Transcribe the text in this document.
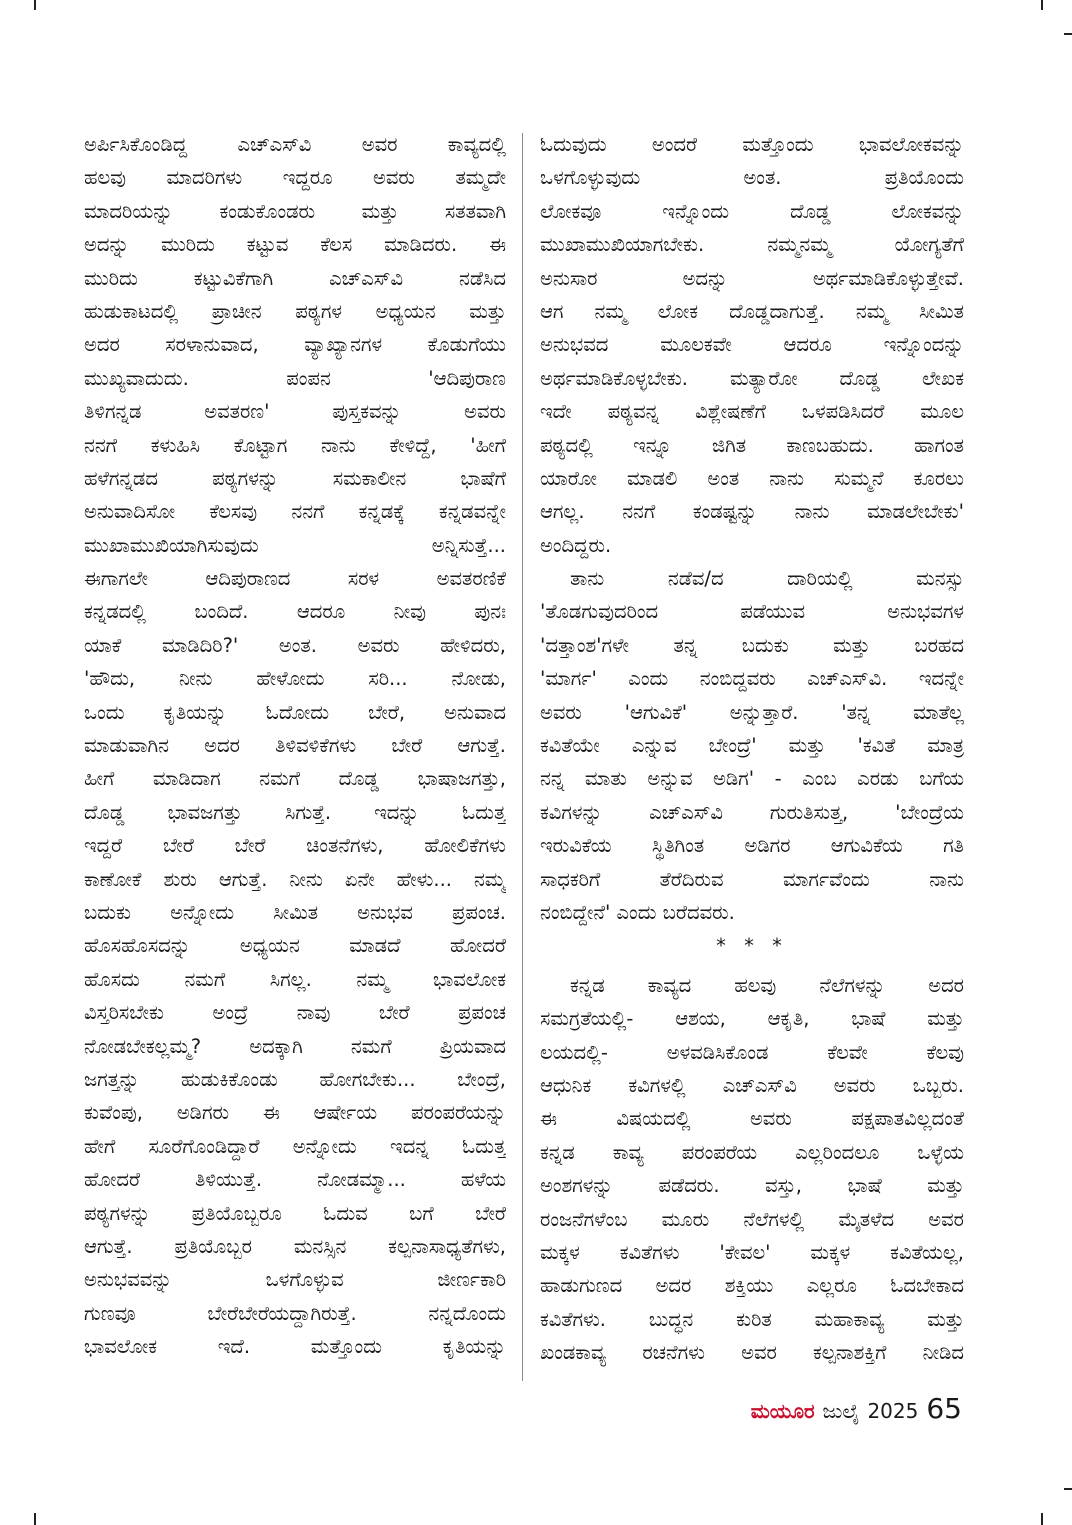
ಅರ್ಪಿಸಿಕೊಂಡಿದ್ದ ಎಚ್‌ಎಸ್‌ವಿ ಅವರ ಕಾವ್ಯದಲ್ಲಿ
ಹಲವು ಮಾದರಿಗಳು ಇದ್ದರೂ ಅವರು ತಮ್ಮದೇ
ಮಾದರಿಯನ್ನು ಕಂಡುಕೊಂಡರು ಮತ್ತು ಸತತವಾಗಿ
ಅದನ್ನು ಮುರಿದು ಕಟ್ಟುವ ಕೆಲಸ ಮಾಡಿದರು. ಈ
ಮುರಿದು ಕಟ್ಟುವಿಕೆಗಾಗಿ ಎಚ್‌ಎಸ್‌ವಿ ನಡೆಸಿದ
ಹುಡುಕಾಟದಲ್ಲಿ ಪ್ರಾಚೀನ ಪಠ್ಯಗಳ ಅಧ್ಯಯನ ಮತ್ತು
ಅದರ ಸರಳಾನುವಾದ, ವ್ಯಾಖ್ಯಾನಗಳ ಕೊಡುಗೆಯು
ಮುಖ್ಯವಾದುದು. ಪಂಪನ 'ಆದಿಪುರಾಣ
ತಿಳಿಗನ್ನಡ ಅವತರಣ' ಪುಸ್ತಕವನ್ನು ಅವರು
ನನಗೆ ಕಳುಹಿಸಿ ಕೊಟ್ಟಾಗ ನಾನು ಕೇಳಿದ್ದೆ, 'ಹೀಗೆ
ಹಳೆಗನ್ನಡದ ಪಠ್ಯಗಳನ್ನು ಸಮಕಾಲೀನ ಭಾಷೆಗೆ
ಅನುವಾದಿಸೋ ಕೆಲಸವು ನನಗೆ ಕನ್ನಡಕ್ಕೆ ಕನ್ನಡವನ್ನೇ
ಮುಖಾಮುಖಿಯಾಗಿಸುವುದು ಅನ್ನಿಸುತ್ತೆ...
ಈಗಾಗಲೇ ಆದಿಪುರಾಣದ ಸರಳ ಅವತರಣಿಕೆ
ಕನ್ನಡದಲ್ಲಿ ಬಂದಿದೆ. ಆದರೂ ನೀವು ಪುನಃ
ಯಾಕೆ ಮಾಡಿದಿರಿ?' ಅಂತ. ಅವರು ಹೇಳಿದರು,
'ಹೌದು, ನೀನು ಹೇಳೋದು ಸರಿ... ನೋಡು,
ಒಂದು ಕೃತಿಯನ್ನು ಓದೋದು ಬೇರೆ, ಅನುವಾದ
ಮಾಡುವಾಗಿನ ಅದರ ತಿಳಿವಳಿಕೆಗಳು ಬೇರೆ ಆಗುತ್ತೆ.
ಹೀಗೆ ಮಾಡಿದಾಗ ನಮಗೆ ದೊಡ್ಡ ಭಾಷಾಜಗತ್ತು,
ದೊಡ್ಡ ಭಾವಜಗತ್ತು ಸಿಗುತ್ತೆ. ಇದನ್ನು ಓದುತ್ತ
ಇದ್ದರೆ ಬೇರೆ ಬೇರೆ ಚಿಂತನೆಗಳು, ಹೋಲಿಕೆಗಳು
ಕಾಣೋಕೆ ಶುರು ಆಗುತ್ತೆ. ನೀನು ಏನೇ ಹೇಳು... ನಮ್ಮ
ಬದುಕು ಅನ್ನೋದು ಸೀಮಿತ ಅನುಭವ ಪ್ರಪಂಚ.
ಹೊಸಹೊಸದನ್ನು ಅಧ್ಯಯನ ಮಾಡದೆ ಹೋದರೆ
ಹೊಸದು ನಮಗೆ ಸಿಗಲ್ಲ. ನಮ್ಮ ಭಾವಲೋಕ
ವಿಸ್ತರಿಸಬೇಕು ಅಂದ್ರೆ ನಾವು ಬೇರೆ ಪ್ರಪಂಚ
ನೋಡಬೇಕಲ್ಲಮ್ಮ? ಅದಕ್ಕಾಗಿ ನಮಗೆ ಪ್ರಿಯವಾದ
ಜಗತ್ತನ್ನು ಹುಡುಕಿಕೊಂಡು ಹೋಗಬೇಕು... ಬೇಂದ್ರೆ,
ಕುವೆಂಪು, ಅಡಿಗರು ಈ ಆರ್ಷೇಯ ಪರಂಪರೆಯನ್ನು
ಹೇಗೆ ಸೂರೆಗೊಂಡಿದ್ದಾರೆ ಅನ್ನೋದು ಇದನ್ನ ಓದುತ್ತ
ಹೋದರೆ ತಿಳಿಯುತ್ತೆ. ನೋಡಮ್ಮಾ... ಹಳೆಯ
ಪಠ್ಯಗಳನ್ನು ಪ್ರತಿಯೊಬ್ಬರೂ ಓದುವ ಬಗೆ ಬೇರೆ
ಆಗುತ್ತೆ. ಪ್ರತಿಯೊಬ್ಬರ ಮನಸ್ಸಿನ ಕಲ್ಪನಾಸಾಧ್ಯತೆಗಳು,
ಅನುಭವವನ್ನು ಒಳಗೊಳ್ಳುವ ಜೀರ್ಣಕಾರಿ
ಗುಣವೂ ಬೇರೆಬೇರೆಯದ್ದಾಗಿರುತ್ತೆ. ನನ್ನದೊಂದು
ಭಾವಲೋಕ ಇದೆ. ಮತ್ತೊಂದು ಕೃತಿಯನ್ನು
ಓದುವುದು ಅಂದರೆ ಮತ್ತೊಂದು ಭಾವಲೋಕವನ್ನು
ಒಳಗೊಳ್ಳುವುದು ಅಂತ. ಪ್ರತಿಯೊಂದು
ಲೋಕವೂ ಇನ್ನೊಂದು ದೊಡ್ಡ ಲೋಕವನ್ನು
ಮುಖಾಮುಖಿಯಾಗಬೇಕು. ನಮ್ಮನಮ್ಮ ಯೋಗ್ಯತೆಗೆ
ಅನುಸಾರ ಅದನ್ನು ಅರ್ಥಮಾಡಿಕೊಳ್ಳುತ್ತೇವೆ.
ಆಗ ನಮ್ಮ ಲೋಕ ದೊಡ್ಡದಾಗುತ್ತೆ. ನಮ್ಮ ಸೀಮಿತ
ಅನುಭವದ ಮೂಲಕವೇ ಆದರೂ ಇನ್ನೊಂದನ್ನು
ಅರ್ಥಮಾಡಿಕೊಳ್ಳಬೇಕು. ಮತ್ಯಾರೋ ದೊಡ್ಡ ಲೇಖಕ
ಇದೇ ಪಠ್ಯವನ್ನ ವಿಶ್ಲೇಷಣೆಗೆ ಒಳಪಡಿಸಿದರೆ ಮೂಲ
ಪಠ್ಯದಲ್ಲಿ ಇನ್ನೂ ಜಿಗಿತ ಕಾಣಬಹುದು. ಹಾಗಂತ
ಯಾರೋ ಮಾಡಲಿ ಅಂತ ನಾನು ಸುಮ್ಮನೆ ಕೂರಲು
ಆಗಲ್ಲ. ನನಗೆ ಕಂಡಷ್ಟನ್ನು ನಾನು ಮಾಡಲೇಬೇಕು'
ಅಂದಿದ್ದರು.
ತಾನು ನಡೆವ/ದ ದಾರಿಯಲ್ಲಿ ಮನಸ್ಸು
'ತೊಡಗುವುದರಿಂದ ಪಡೆಯುವ ಅನುಭವಗಳ
'ದತ್ತಾಂಶ'ಗಳೇ ತನ್ನ ಬದುಕು ಮತ್ತು ಬರಹದ
'ಮಾರ್ಗ' ಎಂದು ನಂಬಿದ್ದವರು ಎಚ್‌ಎಸ್‌ವಿ. ಇದನ್ನೇ
ಅವರು 'ಆಗುವಿಕೆ' ಅನ್ನುತ್ತಾರೆ. 'ತನ್ನ ಮಾತೆಲ್ಲ
ಕವಿತೆಯೇ ಎನ್ನುವ ಬೇಂದ್ರೆ' ಮತ್ತು 'ಕವಿತೆ ಮಾತ್ರ
ನನ್ನ ಮಾತು ಅನ್ನುವ ಅಡಿಗ' - ಎಂಬ ಎರಡು ಬಗೆಯ
ಕವಿಗಳನ್ನು ಎಚ್‌ಎಸ್‌ವಿ ಗುರುತಿಸುತ್ತ, 'ಬೇಂದ್ರೆಯ
ಇರುವಿಕೆಯ ಸ್ಥಿತಿಗಿಂತ ಅಡಿಗರ ಆಗುವಿಕೆಯ ಗತಿ
ಸಾಧಕರಿಗೆ ತೆರೆದಿರುವ ಮಾರ್ಗವೆಂದು ನಾನು
ನಂಬಿದ್ದೇನೆ' ಎಂದು ಬರೆದವರು.
* * *
ಕನ್ನಡ ಕಾವ್ಯದ ಹಲವು ನೆಲೆಗಳನ್ನು ಅದರ
ಸಮಗ್ರತೆಯಲ್ಲಿ- ಆಶಯ, ಆಕೃತಿ, ಭಾಷೆ ಮತ್ತು
ಲಯದಲ್ಲಿ- ಅಳವಡಿಸಿಕೊಂಡ ಕೆಲವೇ ಕೆಲವು
ಆಧುನಿಕ ಕವಿಗಳಲ್ಲಿ ಎಚ್‌ಎಸ್‌ವಿ ಅವರು ಒಬ್ಬರು.
ಈ ವಿಷಯದಲ್ಲಿ ಅವರು ಪಕ್ಷಪಾತವಿಲ್ಲದಂತೆ
ಕನ್ನಡ ಕಾವ್ಯ ಪರಂಪರೆಯ ಎಲ್ಲರಿಂದಲೂ ಒಳ್ಳೆಯ
ಅಂಶಗಳನ್ನು ಪಡೆದರು. ವಸ್ತು, ಭಾಷೆ ಮತ್ತು
ರಂಜನೆಗಳೆಂಬ ಮೂರು ನೆಲೆಗಳಲ್ಲಿ ಮೈತಳೆದ ಅವರ
ಮಕ್ಕಳ ಕವಿತೆಗಳು 'ಕೇವಲ' ಮಕ್ಕಳ ಕವಿತೆಯಲ್ಲ,
ಹಾಡುಗುಣದ ಅದರ ಶಕ್ತಿಯು ಎಲ್ಲರೂ ಓದಬೇಕಾದ
ಕವಿತೆಗಳು. ಬುದ್ಧನ ಕುರಿತ ಮಹಾಕಾವ್ಯ ಮತ್ತು
ಖಂಡಕಾವ್ಯ ರಚನೆಗಳು ಅವರ ಕಲ್ಪನಾಶಕ್ತಿಗೆ ನೀಡಿದ
ಮಯೂರ ಜುಲೈ 2025 65
